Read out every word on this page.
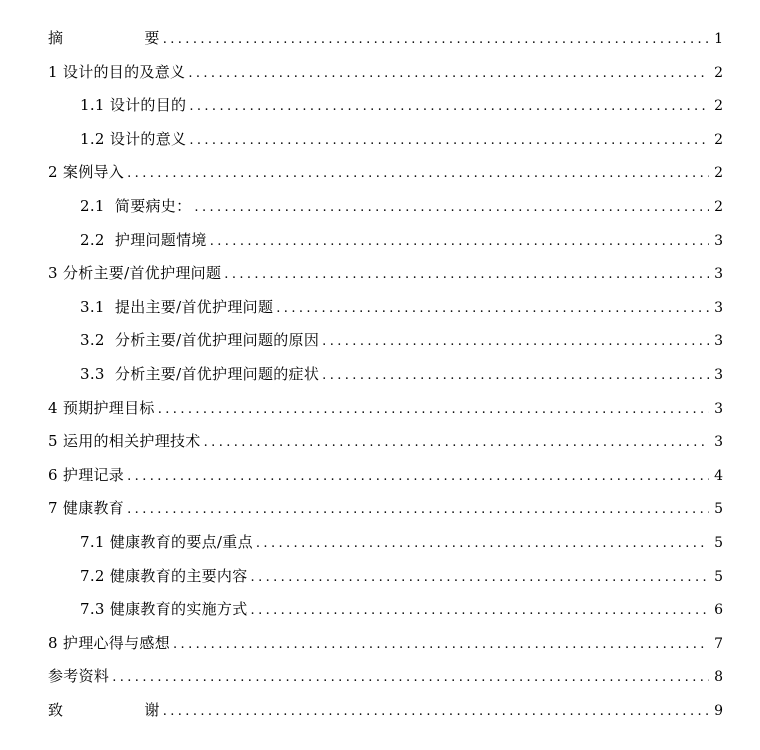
摘                要 .....	1
1 设计的目的及意义 .....	2
1.1 设计的目的 .....	2
1.2 设计的意义 .....	2
2 案例导入 .....	2
2.1  简要病史： .....	2
2.2  护理问题情境 .....	3
3 分析主要/首优护理问题 .....	3
3.1  提出主要/首优护理问题 .....	3
3.2  分析主要/首优护理问题的原因 .....	3
3.3  分析主要/首优护理问题的症状 .....	3
4 预期护理目标 .....	3
5 运用的相关护理技术 .....	3
6 护理记录 .....	4
7 健康教育 .....	5
7.1 健康教育的要点/重点 .....	5
7.2 健康教育的主要内容 .....	5
7.3 健康教育的实施方式 .....	6
8 护理心得与感想 .....	7
参考资料 .....	8
致                谢 .....	9
